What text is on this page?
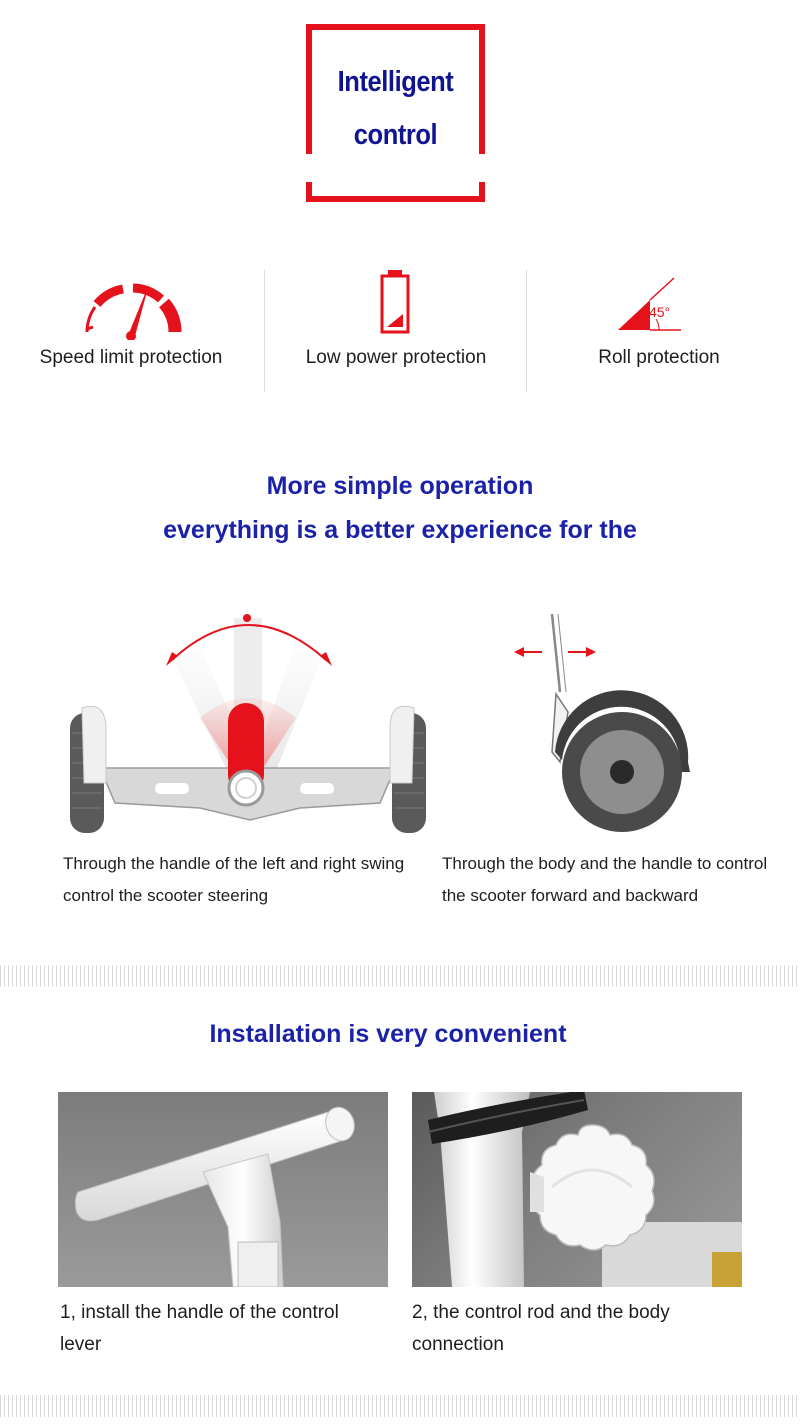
Intelligent
control
Speed limit protection	Low power protection
45°
Roll protection
More simple operation
everything is a better experience for the
Through the handle of the left and right swing
control the scooter steering
Through the body and the handle to control
the scooter forward and backward
Installation is very convenient
1, install the handle of the control
lever
2, the control rod and the body
connection
